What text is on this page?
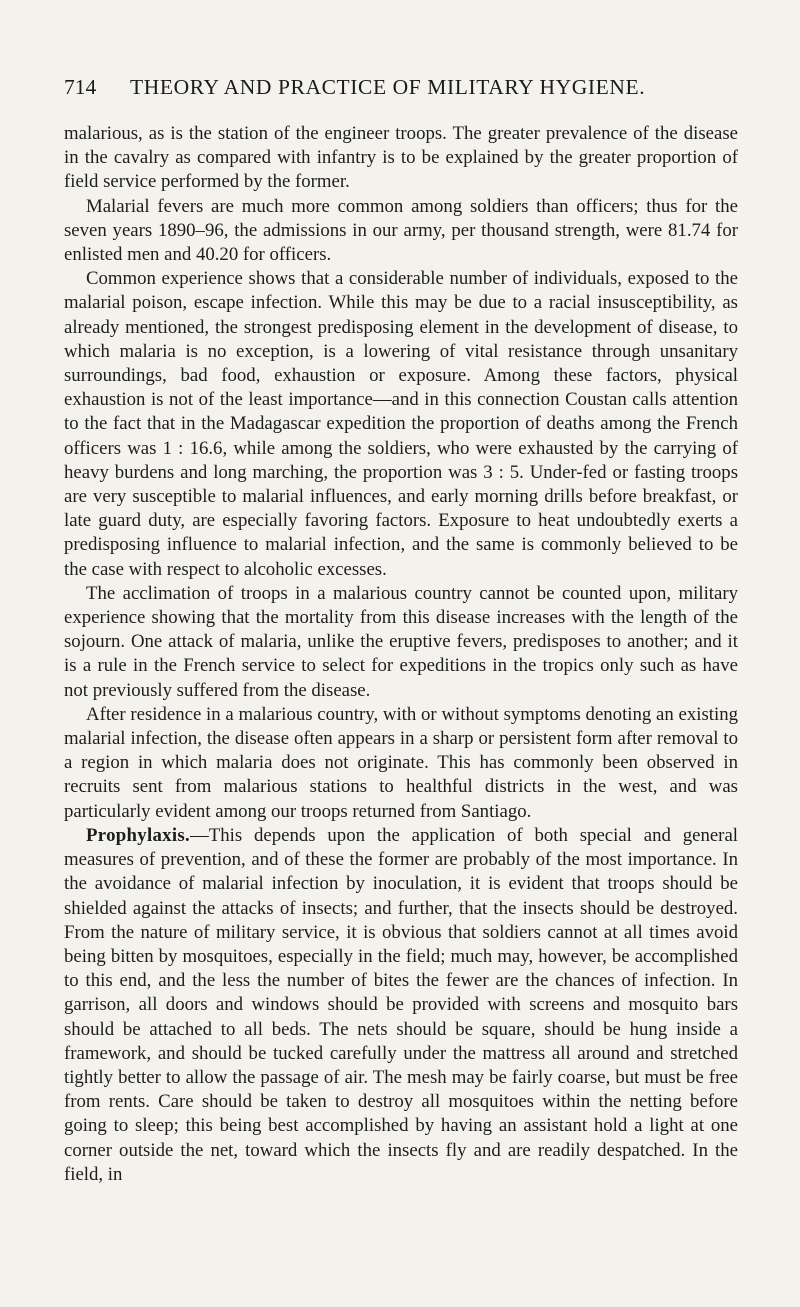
714 THEORY AND PRACTICE OF MILITARY HYGIENE.

malarious, as is the station of the engineer troops. The greater prevalence of the disease in the cavalry as compared with infantry is to be explained by the greater proportion of field service performed by the former.

Malarial fevers are much more common among soldiers than officers; thus for the seven years 1890–96, the admissions in our army, per thousand strength, were 81.74 for enlisted men and 40.20 for officers.

Common experience shows that a considerable number of individuals, exposed to the malarial poison, escape infection. While this may be due to a racial insusceptibility, as already mentioned, the strongest predisposing element in the development of disease, to which malaria is no exception, is a lowering of vital resistance through unsanitary surroundings, bad food, exhaustion or exposure. Among these factors, physical exhaustion is not of the least importance—and in this connection Coustan calls attention to the fact that in the Madagascar expedition the proportion of deaths among the French officers was 1 : 16.6, while among the soldiers, who were exhausted by the carrying of heavy burdens and long marching, the proportion was 3 : 5. Under-fed or fasting troops are very susceptible to malarial influences, and early morning drills before breakfast, or late guard duty, are especially favoring factors. Exposure to heat undoubtedly exerts a predisposing influence to malarial infection, and the same is commonly believed to be the case with respect to alcoholic excesses.

The acclimation of troops in a malarious country cannot be counted upon, military experience showing that the mortality from this disease increases with the length of the sojourn. One attack of malaria, unlike the eruptive fevers, predisposes to another; and it is a rule in the French service to select for expeditions in the tropics only such as have not previously suffered from the disease.

After residence in a malarious country, with or without symptoms denoting an existing malarial infection, the disease often appears in a sharp or persistent form after removal to a region in which malaria does not originate. This has commonly been observed in recruits sent from malarious stations to healthful districts in the west, and was particularly evident among our troops returned from Santiago.

Prophylaxis.—This depends upon the application of both special and general measures of prevention, and of these the former are probably of the most importance. In the avoidance of malarial infection by inoculation, it is evident that troops should be shielded against the attacks of insects; and further, that the insects should be destroyed. From the nature of military service, it is obvious that soldiers cannot at all times avoid being bitten by mosquitoes, especially in the field; much may, however, be accomplished to this end, and the less the number of bites the fewer are the chances of infection. In garrison, all doors and windows should be provided with screens and mosquito bars should be attached to all beds. The nets should be square, should be hung inside a framework, and should be tucked carefully under the mattress all around and stretched tightly better to allow the passage of air. The mesh may be fairly coarse, but must be free from rents. Care should be taken to destroy all mosquitoes within the netting before going to sleep; this being best accomplished by having an assistant hold a light at one corner outside the net, toward which the insects fly and are readily despatched. In the field, in
